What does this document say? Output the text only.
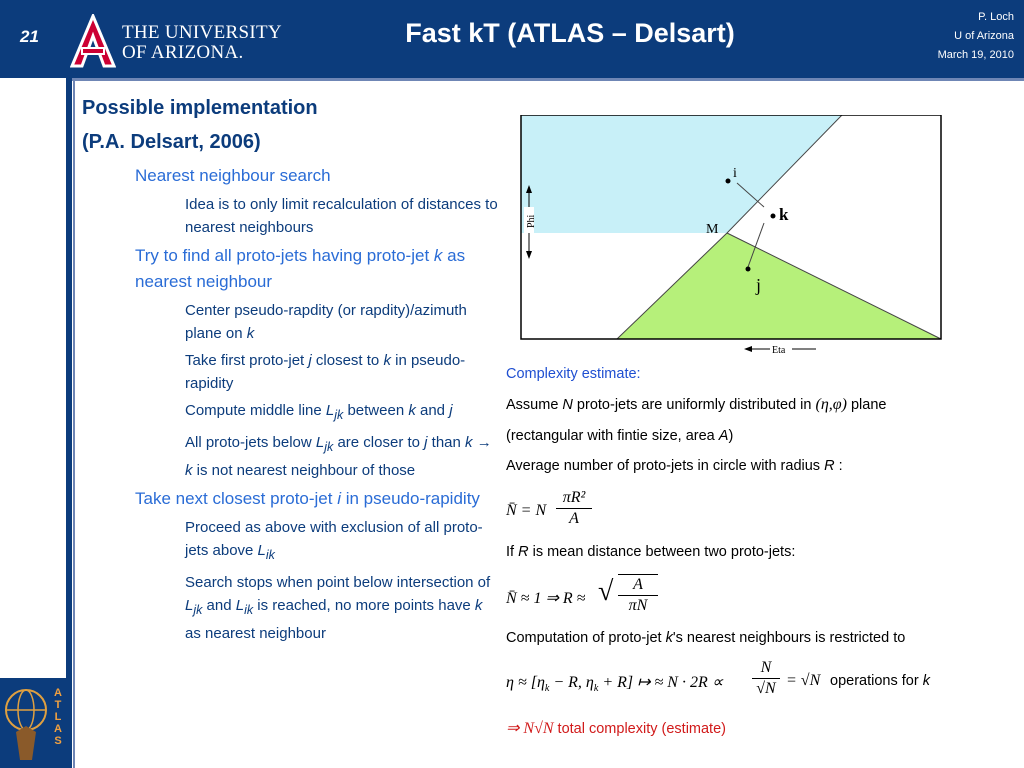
21	THE UNIVERSITY
OF ARIZONA.
Fast kT (ATLAS – Delsart)
P. Loch
U of Arizona
March 19, 2010
ATLAS
Possible implementation
(P.A. Delsart, 2006)
Nearest neighbour search
Idea is to only limit recalculation of distances to nearest neighbours
Try to find all proto-jets having proto-jet k as nearest neighbour
Center pseudo-rapdity (or rapdity)/azimuth plane on k
Take first proto-jet j closest to k in pseudo-rapidity
Compute middle line $L_{jk}$ between k and j
All proto-jets below $L_{jk}$ are closer to j than k → k is not nearest neighbour of those
Take next closest proto-jet i in pseudo-rapidity
Proceed as above with exclusion of all proto-jets above $L_{ik}$
Search stops when point below intersection of $L_{jk}$ and $L_{ik}$ is reached, no more points have k as nearest neighbour
i
k
j
M
Phi
Eta
Complexity estimate:
Assume N proto-jets are uniformly distributed in (η,φ) plane
(rectangular with fintie size, area A)
Average number of proto-jets in circle with radius R :
N̄ = N $\frac{\text{πR²}}{A}$
If R is mean distance between two proto-jets:
N̄ ≈ 1 ⇒ R ≈ √ $\frac{A}{\pi N}$
Computation of proto-jet k's nearest neighbours is restricted to
$\eta \approx [\eta_k - R$, $\eta_k + R$] ↦ ≈ $N \cdot 2R \propto \frac{N}{√N} = √N$ operations for k
⇒ N√N total complexity (estimate)
